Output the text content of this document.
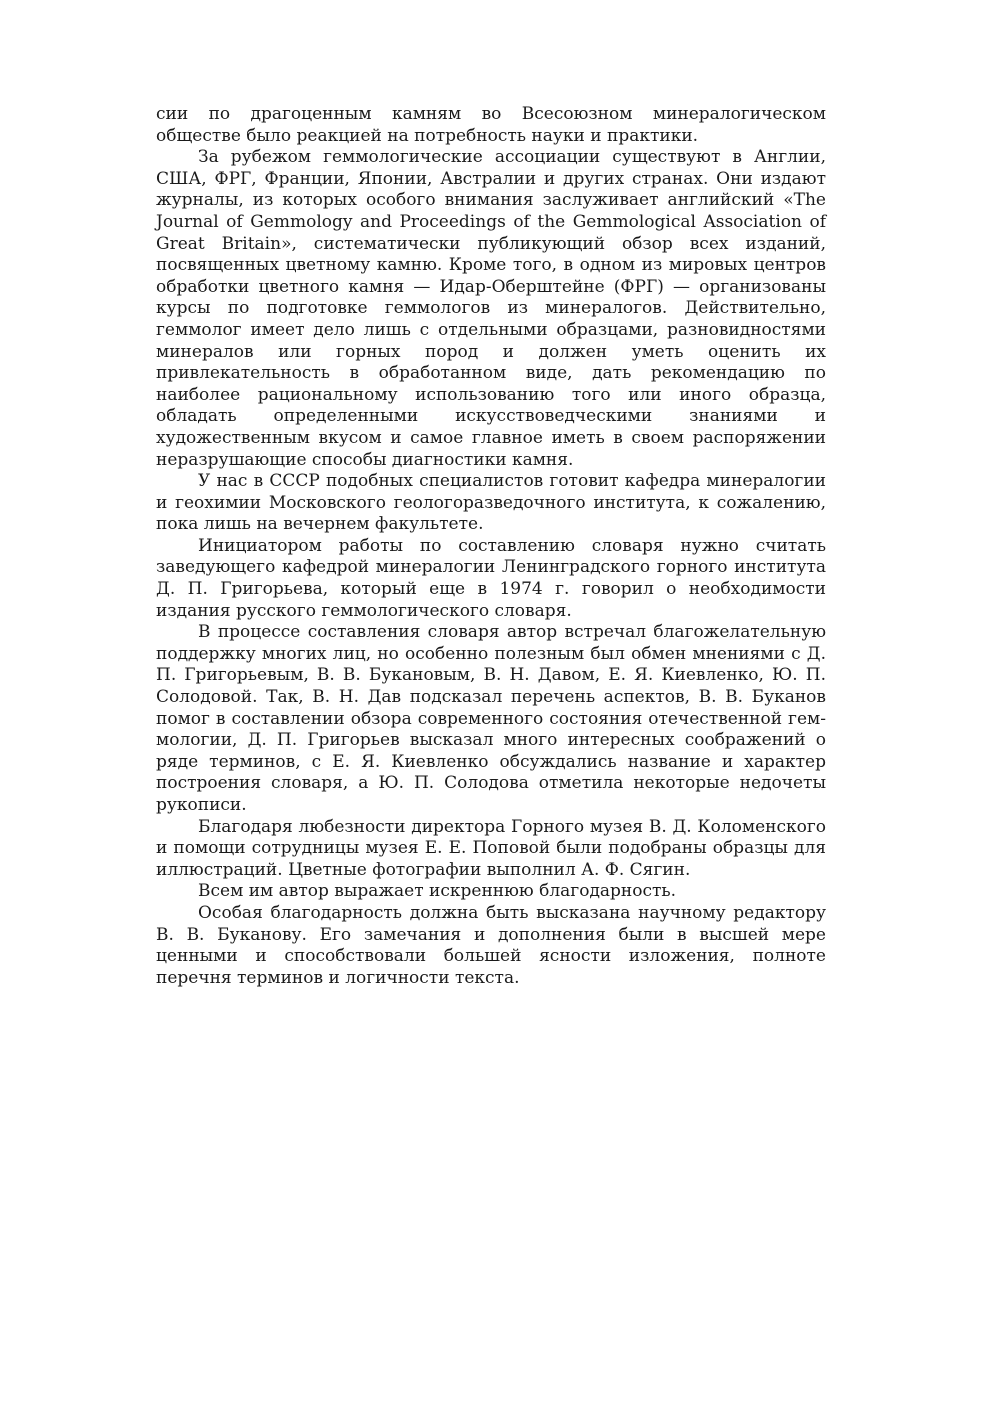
сии по драгоценным камням во Всесоюзном минералогическом обществе было реакцией на потребность науки и практики.

За рубежом геммологические ассоциации существуют в Англии, США, ФРГ, Франции, Японии, Австралии и других странах. Они издают журналы, из которых особого внимания заслуживает английский «The Journal of Gemmology and Proceedings of the Gemmological Association of Great Britain», систематически публикующий обзор всех изданий, посвященных цветному камню. Кроме того, в одном из мировых центров обработки цветного камня — Идар-Оберштейне (ФРГ) — организованы курсы по подготовке геммологов из минералогов. Действительно, геммолог имеет дело лишь с отдельными образцами, разновидностями минералов или горных пород и должен уметь оценить их привлекательность в обработанном виде, дать рекомендацию по наиболее рациональному использованию того или иного образца, обладать определенными искусствоведческими знаниями и художественным вкусом и самое главное иметь в своем распоряжении неразрушающие способы диагностики камня.

У нас в СССР подобных специалистов готовит кафедра минералогии и геохимии Московского геологоразведочного института, к сожалению, пока лишь на вечернем факультете.

Инициатором работы по составлению словаря нужно считать заведующего кафедрой минералогии Ленинградского горного института Д. П. Григорьева, который еще в 1974 г. говорил о необходимости издания русского геммологического словаря.

В процессе составления словаря автор встречал благожелательную поддержку многих лиц, но особенно полезным был обмен мнениями с Д. П. Григорьевым, В. В. Букановым, В. Н. Давом, Е. Я. Киевленко, Ю. П. Солодовой. Так, В. Н. Дав подсказал перечень аспектов, В. В. Буканов помог в составлении обзора современного состояния отечественной геммологии, Д. П. Григорьев высказал много интересных соображений о ряде терминов, с Е. Я. Киевленко обсуждались название и характер построения словаря, а Ю. П. Солодова отметила некоторые недочеты рукописи.

Благодаря любезности директора Горного музея В. Д. Коломенского и помощи сотрудницы музея Е. Е. Поповой были подобраны образцы для иллюстраций. Цветные фотографии выполнил А. Ф. Сягин.

Всем им автор выражает искреннюю благодарность.

Особая благодарность должна быть высказана научному редактору В. В. Буканову. Его замечания и дополнения были в высшей мере ценными и способствовали большей ясности изложения, полноте перечня терминов и логичности текста.
